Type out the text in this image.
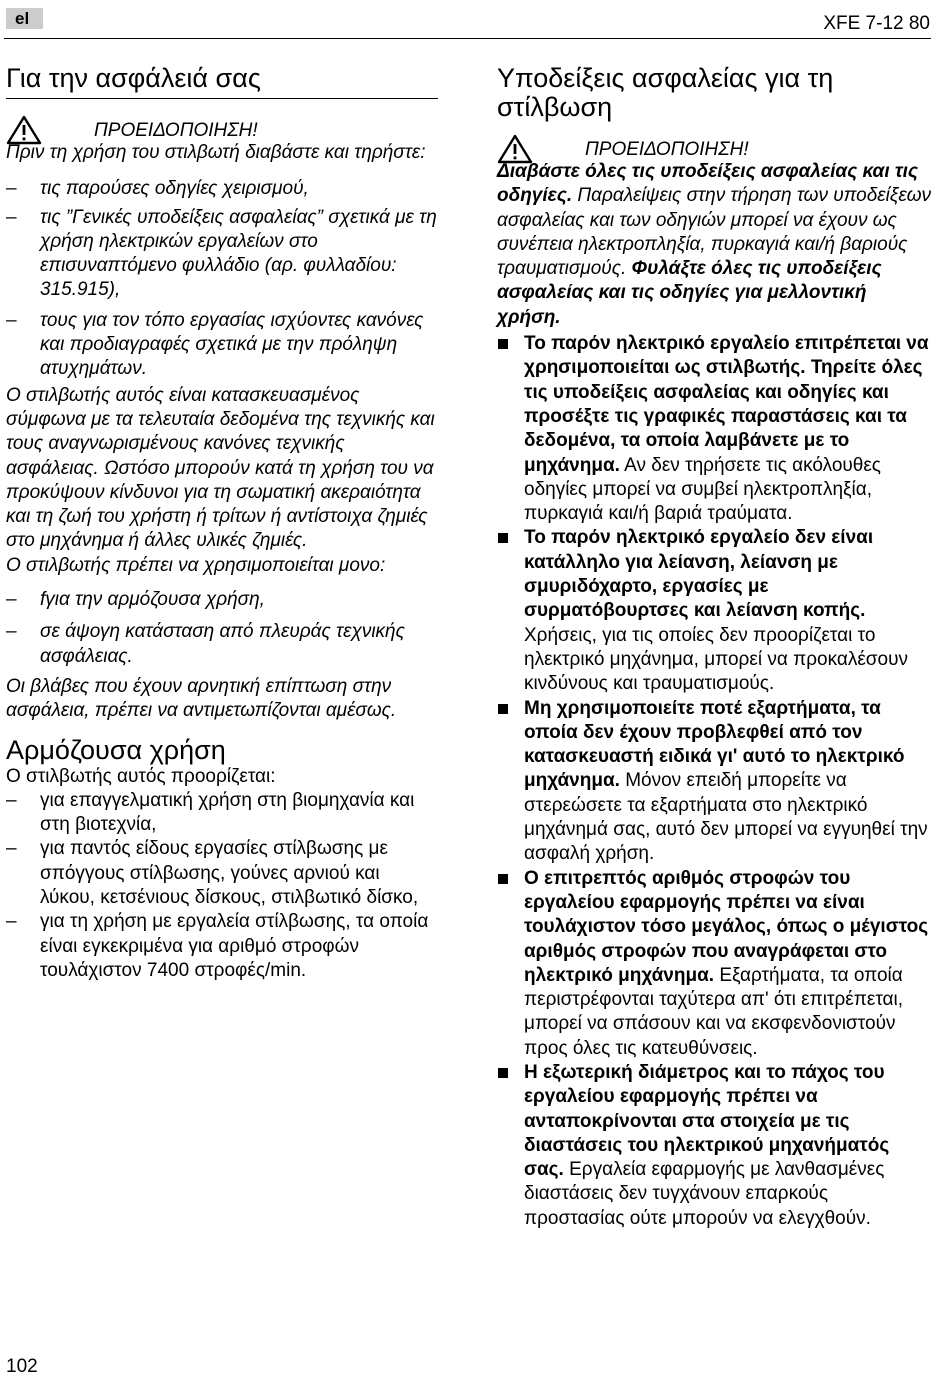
el	XFE 7-12 80
Για την ασφάλειά σας
ΠΡΟΕΙΔΟΠΟΙΗΣΗ!

Πριν τη χρήση του στιλβωτή διαβάστε και τηρήστε:

– τις παρούσες οδηγίες χειρισμού,
– τις ”Γενικές υποδείξεις ασφαλείας” σχετικά με τη χρήση ηλεκτρικών εργαλείων στο επισυναπτόμενο φυλλάδιο (αρ. φυλλαδίου: 315.915),
– τους για τον τόπο εργασίας ισχύοντες κανόνες και προδιαγραφές σχετικά με την πρόληψη ατυχημάτων.

Ο στιλβωτής αυτός είναι κατασκευασμένος σύμφωνα με τα τελευταία δεδομένα της τεχνικής και τους αναγνωρισμένους κανόνες τεχνικής ασφάλειας. Ωστόσο μπορούν κατά τη χρήση του να προκύψουν κίνδυνοι για τη σωματική ακεραιότητα και τη ζωή του χρήστη ή τρίτων ή αντίστοιχα ζημιές στο μηχάνημα ή άλλες υλικές ζημιές.

Ο στιλβωτής πρέπει να χρησιμοποιείται μονο:

– fγια την αρμόζουσα χρήση,
– σε άψογη κατάσταση από πλευράς τεχνικής ασφάλειας.

Οι βλάβες που έχουν αρνητική επίπτωση στην ασφάλεια, πρέπει να αντιμετωπίζονται αμέσως.

Αρμόζουσα χρήση

Ο στιλβωτής αυτός προορίζεται:

– για επαγγελματική χρήση στη βιομηχανία και στη βιοτεχνία,
– για παντός είδους εργασίες στίλβωσης με σπόγγους στίλβωσης, γούνες αρνιού και λύκου, κετσένιους δίσκους, στιλβωτικό δίσκο,
– για τη χρήση με εργαλεία στίλβωσης, τα οποία είναι εγκεκριμένα για αριθμό στροφών τουλάχιστον 7400 στροφές/min.
Υποδείξεις ασφαλείας για τη στίλβωση
ΠΡΟΕΙΔΟΠΟΙΗΣΗ!

Διαβάστε όλες τις υποδείξεις ασφαλείας και τις οδηγίες. Παραλείψεις στην τήρηση των υποδείξεων ασφαλείας και των οδηγιών μπορεί να έχουν ως συνέπεια ηλεκτροπληξία, πυρκαγιά και/ή βαριούς τραυματισμούς. Φυλάξτε όλες τις υποδείξεις ασφαλείας και τις οδηγίες για μελλοντική χρήση.

Το παρόν ηλεκτρικό εργαλείο επιτρέπεται να χρησιμοποιείται ως στιλβωτής. Τηρείτε όλες τις υποδείξεις ασφαλείας και οδηγίες και προσέξτε τις γραφικές παραστάσεις και τα δεδομένα, τα οποία λαμβάνετε με το μηχάνημα. Αν δεν τηρήσετε τις ακόλουθες οδηγίες μπορεί να συμβεί ηλεκτροπληξία, πυρκαγιά και/ή βαριά τραύματα.
Το παρόν ηλεκτρικό εργαλείο δεν είναι κατάλληλο για λείανση, λείανση με σμυριδόχαρτο, εργασίες με συρματόβουρτσες και λείανση κοπής. Χρήσεις, για τις οποίες δεν προορίζεται το ηλεκτρικό μηχάνημα, μπορεί να προκαλέσουν κινδύνους και τραυματισμούς.
Μη χρησιμοποιείτε ποτέ εξαρτήματα, τα οποία δεν έχουν προβλεφθεί από τον κατασκευαστή ειδικά γι' αυτό το ηλεκτρικό μηχάνημα. Μόνον επειδή μπορείτε να στερεώσετε τα εξαρτήματα στο ηλεκτρικό μηχάνημά σας, αυτό δεν μπορεί να εγγυηθεί την ασφαλή χρήση.
Ο επιτρεπτός αριθμός στροφών του εργαλείου εφαρμογής πρέπει να είναι τουλάχιστον τόσο μεγάλος, όπως ο μέγιστος αριθμός στροφών που αναγράφεται στο ηλεκτρικό μηχάνημα. Εξαρτήματα, τα οποία περιστρέφονται ταχύτερα απ' ότι επιτρέπεται, μπορεί να σπάσουν και να εκσφενδονιστούν προς όλες τις κατευθύνσεις.
Η εξωτερική διάμετρος και το πάχος του εργαλείου εφαρμογής πρέπει να ανταποκρίνονται στα στοιχεία με τις διαστάσεις του ηλεκτρικού μηχανήματός σας. Εργαλεία εφαρμογής με λανθασμένες διαστάσεις δεν τυγχάνουν επαρκούς προστασίας ούτε μπορούν να ελεγχθούν.
102
